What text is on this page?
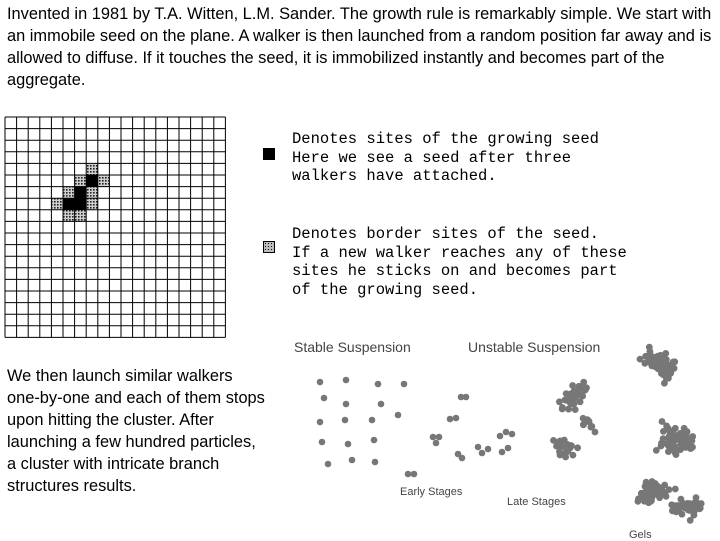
Invented in 1981 by T.A. Witten, L.M. Sander. The growth rule is remarkably simple. We start with an immobile seed on the plane. A walker is then launched from a random position far away and is allowed to diffuse. If it touches the seed, it is immobilized instantly and becomes part of the aggregate.

Denotes sites of the growing seed
Here we see a seed after three
walkers have attached.
Denotes border sites of the seed.
If a new walker reaches any of these
sites he sticks on and becomes part
of the growing seed.

We then launch similar walkers one-by-one and each of them stops upon hitting the cluster. After launching a few hundred particles, a cluster with intricate branch structures results.

Stable Suspension	Unstable Suspension
Early Stages
Late Stages
Gels
